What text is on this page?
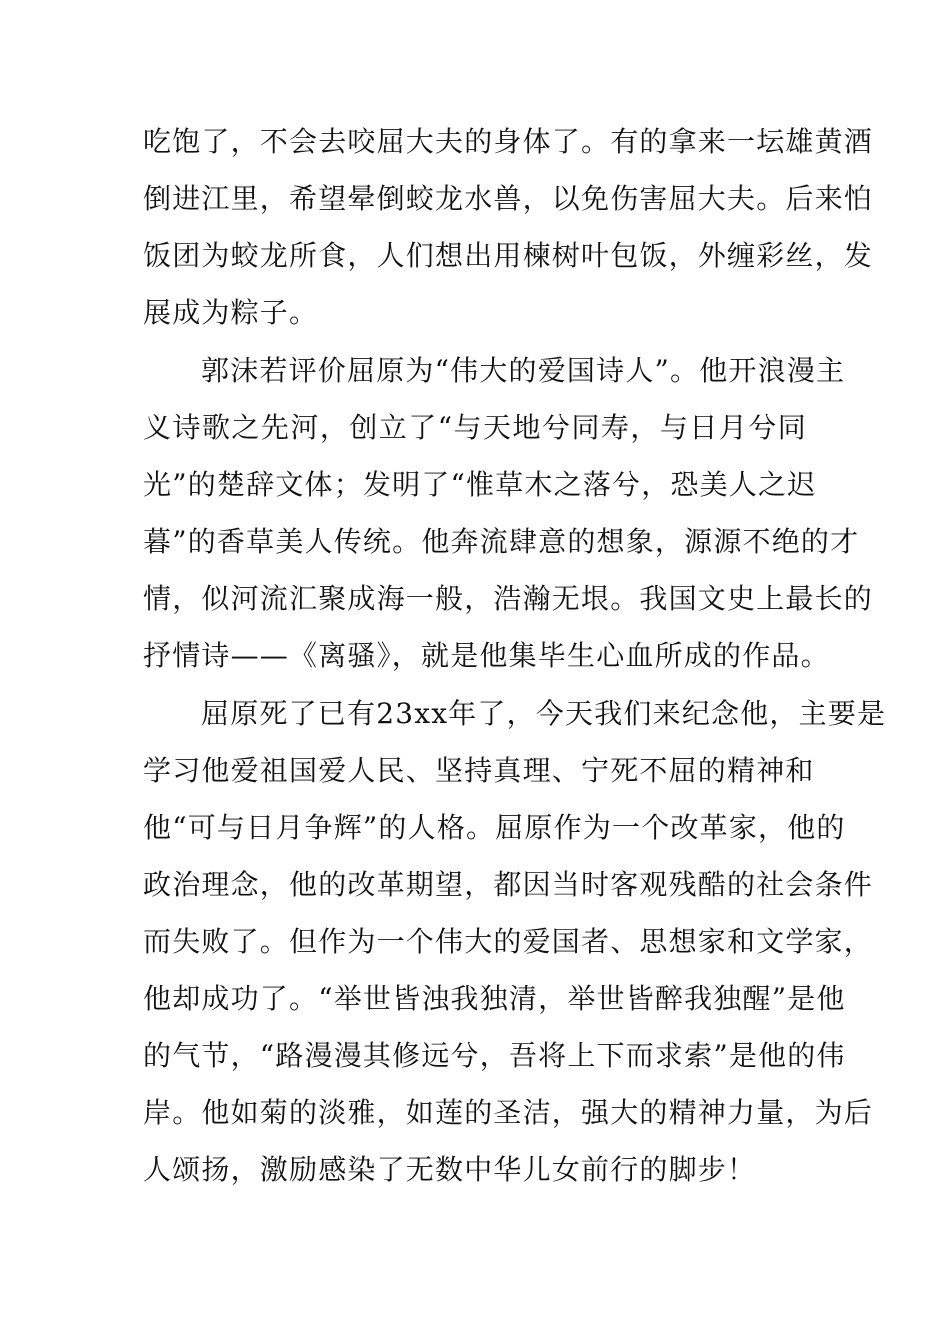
吃饱了，不会去咬屈大夫的身体了。有的拿来一坛雄黄酒
倒进江里，希望晕倒蛟龙水兽，以免伤害屈大夫。后来怕
饭团为蛟龙所食，人们想出用楝树叶包饭，外缠彩丝，发
展成为粽子。
郭沫若评价屈原为“伟大的爱国诗人”。他开浪漫主
义诗歌之先河，创立了“与天地兮同寿，与日月兮同
光”的楚辞文体；发明了“惟草木之落兮，恐美人之迟
暮”的香草美人传统。他奔流肆意的想象，源源不绝的才
情，似河流汇聚成海一般，浩瀚无垠。我国文史上最长的
抒情诗——《离骚》，就是他集毕生心血所成的作品。
屈原死了已有23xx年了，今天我们来纪念他，主要是
学习他爱祖国爱人民、坚持真理、宁死不屈的精神和
他“可与日月争辉”的人格。屈原作为一个改革家，他的
政治理念，他的改革期望，都因当时客观残酷的社会条件
而失败了。但作为一个伟大的爱国者、思想家和文学家，
他却成功了。“举世皆浊我独清，举世皆醉我独醒”是他
的气节，“路漫漫其修远兮，吾将上下而求索”是他的伟
岸。他如菊的淡雅，如莲的圣洁，强大的精神力量，为后
人颂扬，激励感染了无数中华儿女前行的脚步！
